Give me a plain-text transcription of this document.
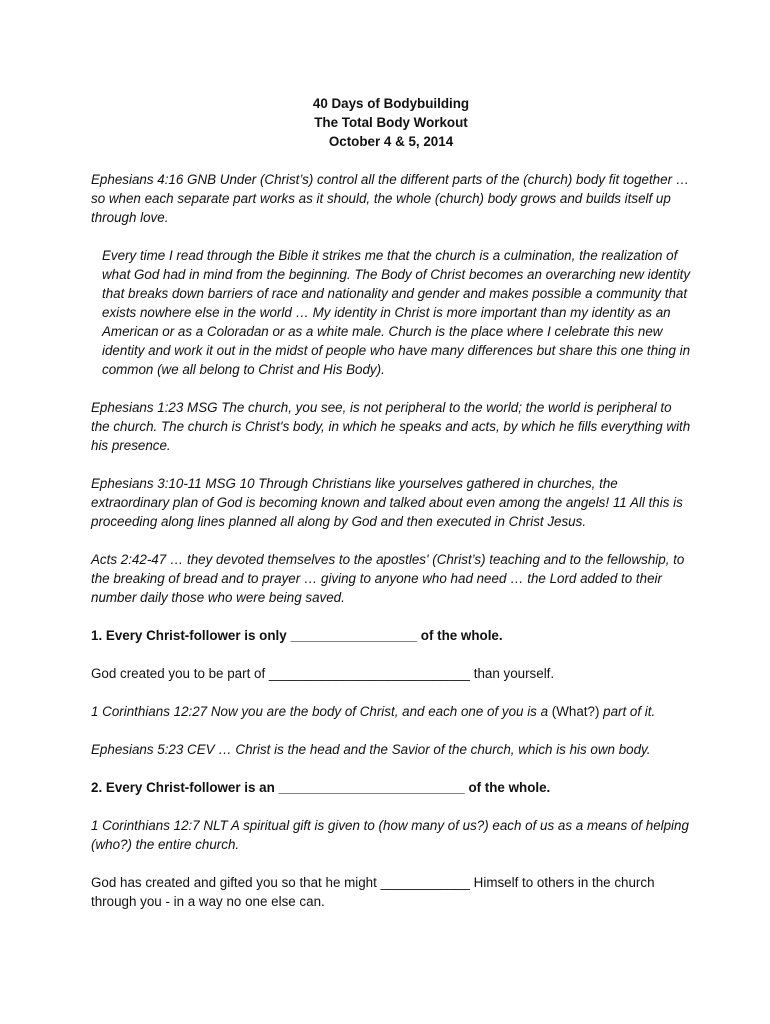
40 Days of Bodybuilding
The Total Body Workout
October 4 & 5, 2014

Ephesians 4:16 GNB Under (Christ’s) control all the different parts of the (church) body fit together … so when each separate part works as it should, the whole (church) body grows and builds itself up through love.

Every time I read through the Bible it strikes me that the church is a culmination, the realization of what God had in mind from the beginning. The Body of Christ becomes an overarching new identity that breaks down barriers of race and nationality and gender and makes possible a community that exists nowhere else in the world … My identity in Christ is more important than my identity as an American or as a Coloradan or as a white male. Church is the place where I celebrate this new identity and work it out in the midst of people who have many differences but share this one thing in common (we all belong to Christ and His Body).

Ephesians 1:23 MSG The church, you see, is not peripheral to the world; the world is peripheral to the church. The church is Christ's body, in which he speaks and acts, by which he fills everything with his presence.

Ephesians 3:10-11 MSG 10 Through Christians like yourselves gathered in churches, the extraordinary plan of God is becoming known and talked about even among the angels! 11 All this is proceeding along lines planned all along by God and then executed in Christ Jesus.

Acts 2:42-47 … they devoted themselves to the apostles' (Christ’s) teaching and to the fellowship, to the breaking of bread and to prayer … giving to anyone who had need … the Lord added to their number daily those who were being saved.

1. Every Christ-follower is only _________________ of the whole.

God created you to be part of ___________________________ than yourself.

1 Corinthians 12:27 Now you are the body of Christ, and each one of you is a (What?) part of it.

Ephesians 5:23 CEV … Christ is the head and the Savior of the church, which is his own body.

2. Every Christ-follower is an _________________________ of the whole.

1 Corinthians 12:7 NLT A spiritual gift is given to (how many of us?) each of us as a means of helping (who?) the entire church.

God has created and gifted you so that he might ____________ Himself to others in the church through you - in a way no one else can.
